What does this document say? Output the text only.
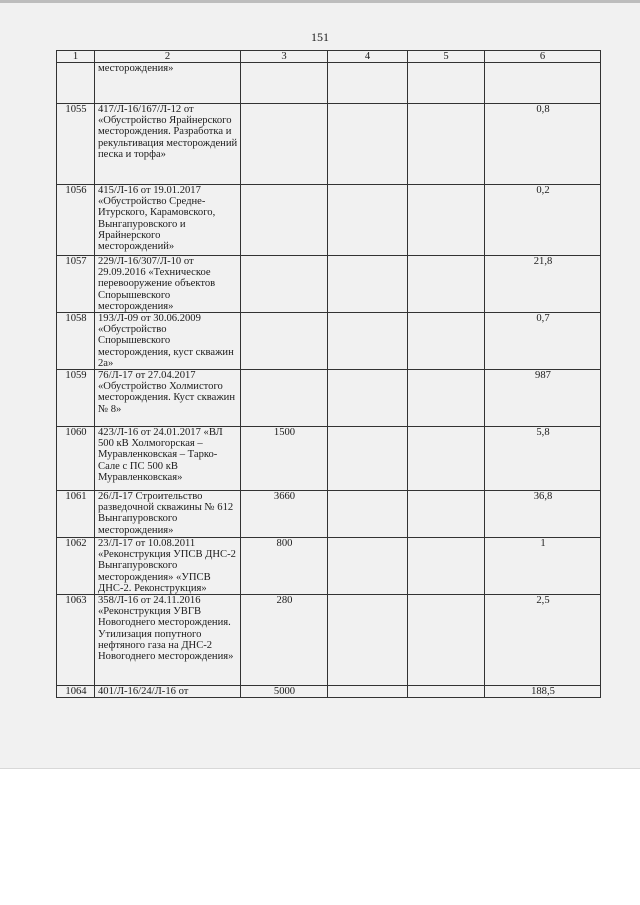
151
1	2	3	4	5	6
	месторождения»				
1055	417/Л-16/167/Л-12 от «Обустройство Ярайнерского месторождения. Разработка и рекультивация месторождений песка и торфа»				0,8
1056	415/Л-16 от 19.01.2017 «Обустройство Средне-Итурского, Карамовского, Вынгапуровского и Ярайнерского месторождений»				0,2
1057	229/Л-16/307/Л-10 от 29.09.2016 «Техническое перевооружение объектов Спорышевского месторождения»				21,8
1058	193/Л-09 от 30.06.2009 «Обустройство Спорышевского месторождения, куст скважин 2а»				0,7
1059	76/Л-17 от 27.04.2017 «Обустройство Холмистого месторождения. Куст скважин № 8»				987
1060	423/Л-16 от 24.01.2017 «ВЛ 500 кВ Холмогорская – Муравленковская – Тарко-Сале с ПС 500 кВ Муравленковская»	1500			5,8
1061	26/Л-17 Строительство разведочной скважины № 612 Вынгапуровского месторождения»	3660			36,8
1062	23/Л-17 от 10.08.2011 «Реконструкция УПСВ ДНС-2 Вынгапуровского месторождения» «УПСВ ДНС-2. Реконструкция»	800			1
1063	358/Л-16 от 24.11.2016 «Реконструкция УВГВ Новогоднего месторождения. Утилизация попутного нефтяного газа на ДНС-2 Новогоднего месторождения»	280			2,5
1064	401/Л-16/24/Л-16 от	5000			188,5
